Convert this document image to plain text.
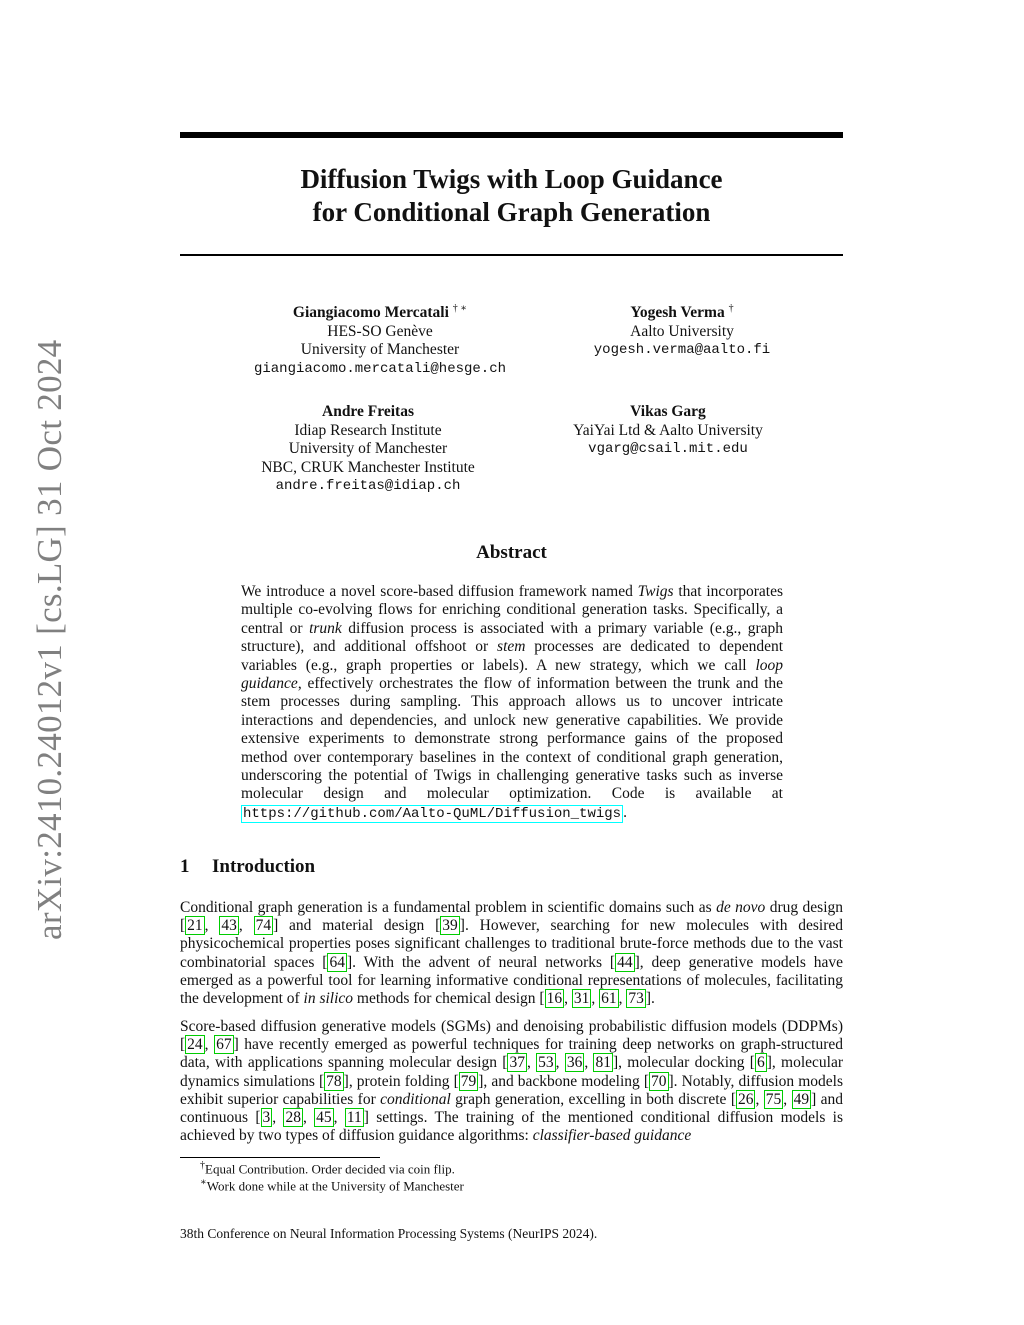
arXiv:2410.24012v1 [cs.LG] 31 Oct 2024
Diffusion Twigs with Loop Guidance
for Conditional Graph Generation
Giangiacomo Mercatali † ∗
HES-SO Genève
University of Manchester
giangiacomo.mercatali@hesge.ch
Yogesh Verma †
Aalto University
yogesh.verma@aalto.fi
Andre Freitas
Idiap Research Institute
University of Manchester
NBC, CRUK Manchester Institute
andre.freitas@idiap.ch
Vikas Garg
YaiYai Ltd & Aalto University
vgarg@csail.mit.edu
Abstract
We introduce a novel score-based diffusion framework named Twigs that incorporates multiple co-evolving flows for enriching conditional generation tasks. Specifically, a central or trunk diffusion process is associated with a primary variable (e.g., graph structure), and additional offshoot or stem processes are dedicated to dependent variables (e.g., graph properties or labels). A new strategy, which we call loop guidance, effectively orchestrates the flow of information between the trunk and the stem processes during sampling. This approach allows us to uncover intricate interactions and dependencies, and unlock new generative capabilities. We provide extensive experiments to demonstrate strong performance gains of the proposed method over contemporary baselines in the context of conditional graph generation, underscoring the potential of Twigs in challenging generative tasks such as inverse molecular design and molecular optimization. Code is available at https://github.com/Aalto-QuML/Diffusion_twigs .
1 Introduction
Conditional graph generation is a fundamental problem in scientific domains such as de novo drug design [ 21 , 43 , 74 ] and material design [ 39 ]. However, searching for new molecules with desired physicochemical properties poses significant challenges to traditional brute-force methods due to the vast combinatorial spaces [ 64 ]. With the advent of neural networks [ 44 ], deep generative models have emerged as a powerful tool for learning informative conditional representations of molecules, facilitating the development of in silico methods for chemical design [ 16 , 31 , 61 , 73 ].
Score-based diffusion generative models (SGMs) and denoising probabilistic diffusion models (DDPMs) [ 24 , 67 ] have recently emerged as powerful techniques for training deep networks on graph-structured data, with applications spanning molecular design [ 37 , 53 , 36 , 81 ], molecular docking [ 6 ], molecular dynamics simulations [ 78 ], protein folding [ 79 ], and backbone modeling [ 70 ]. Notably, diffusion models exhibit superior capabilities for conditional graph generation, excelling in both discrete [ 26 , 75 , 49 ] and continuous [ 3 , 28 , 45 , 11 ] settings. The training of the mentioned conditional diffusion models is achieved by two types of diffusion guidance algorithms: classifier-based guidance
†Equal Contribution. Order decided via coin flip.
∗Work done while at the University of Manchester
38th Conference on Neural Information Processing Systems (NeurIPS 2024).
